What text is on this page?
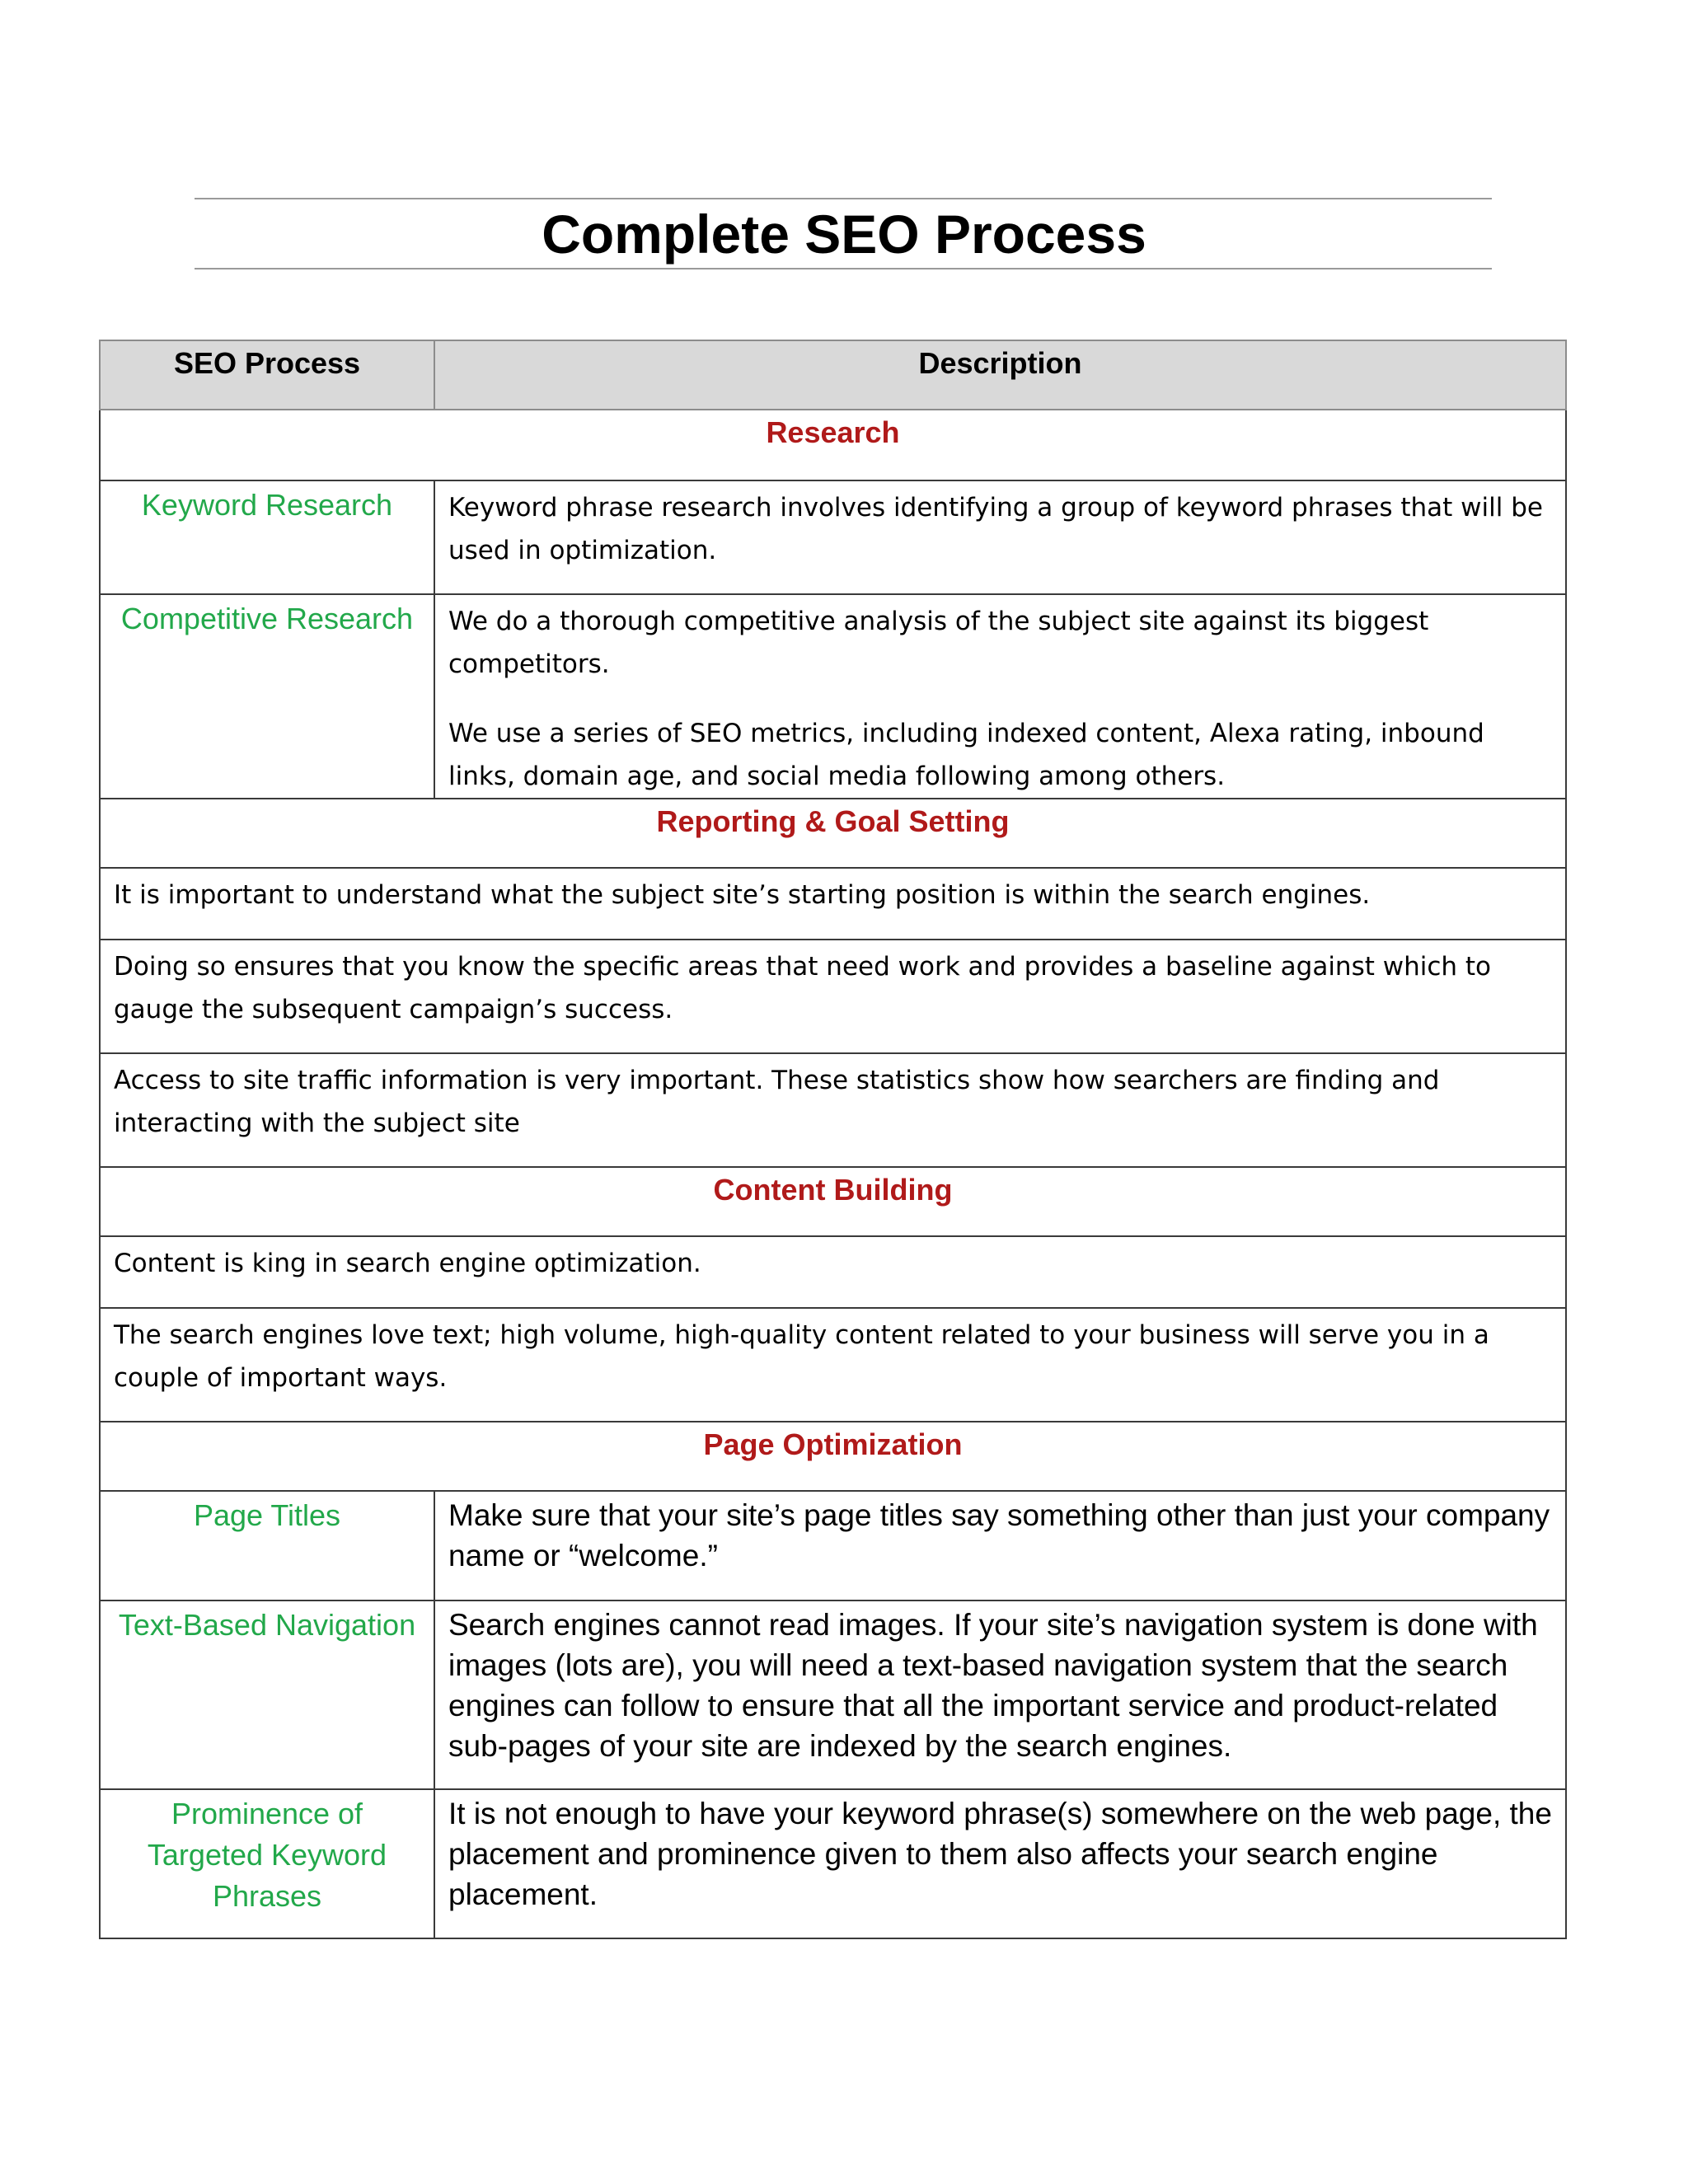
Complete SEO Process
SEO Process	Description
Research	
Keyword Research	Keyword phrase research involves identifying a group of keyword phrases that will be used in optimization.

Competitive Research	We do a thorough competitive analysis of the subject site against its biggest competitors.

We use a series of SEO metrics, including indexed content, Alexa rating, inbound links, domain age, and social media following among others.

Reporting & Goal Setting	
It is important to understand what the subject site’s starting position is within the search engines.	
Doing so ensures that you know the specific areas that need work and provides a baseline against which to gauge the subsequent campaign’s success.	
Access to site traffic information is very important. These statistics show how searchers are finding and interacting with the subject site	
Content Building	
Content is king in search engine optimization.	
The search engines love text; high volume, high-quality content related to your business will serve you in a couple of important ways.	
Page Optimization	
Page Titles	Make sure that your site’s page titles say something other than just your company name or “welcome.”
Text-Based Navigation	Search engines cannot read images. If your site’s navigation system is done with images (lots are), you will need a text-based navigation system that the search engines can follow to ensure that all the important service and product-related sub-pages of your site are indexed by the search engines.
Prominence of Targeted Keyword Phrases	It is not enough to have your keyword phrase(s) somewhere on the web page, the placement and prominence given to them also affects your search engine placement.
